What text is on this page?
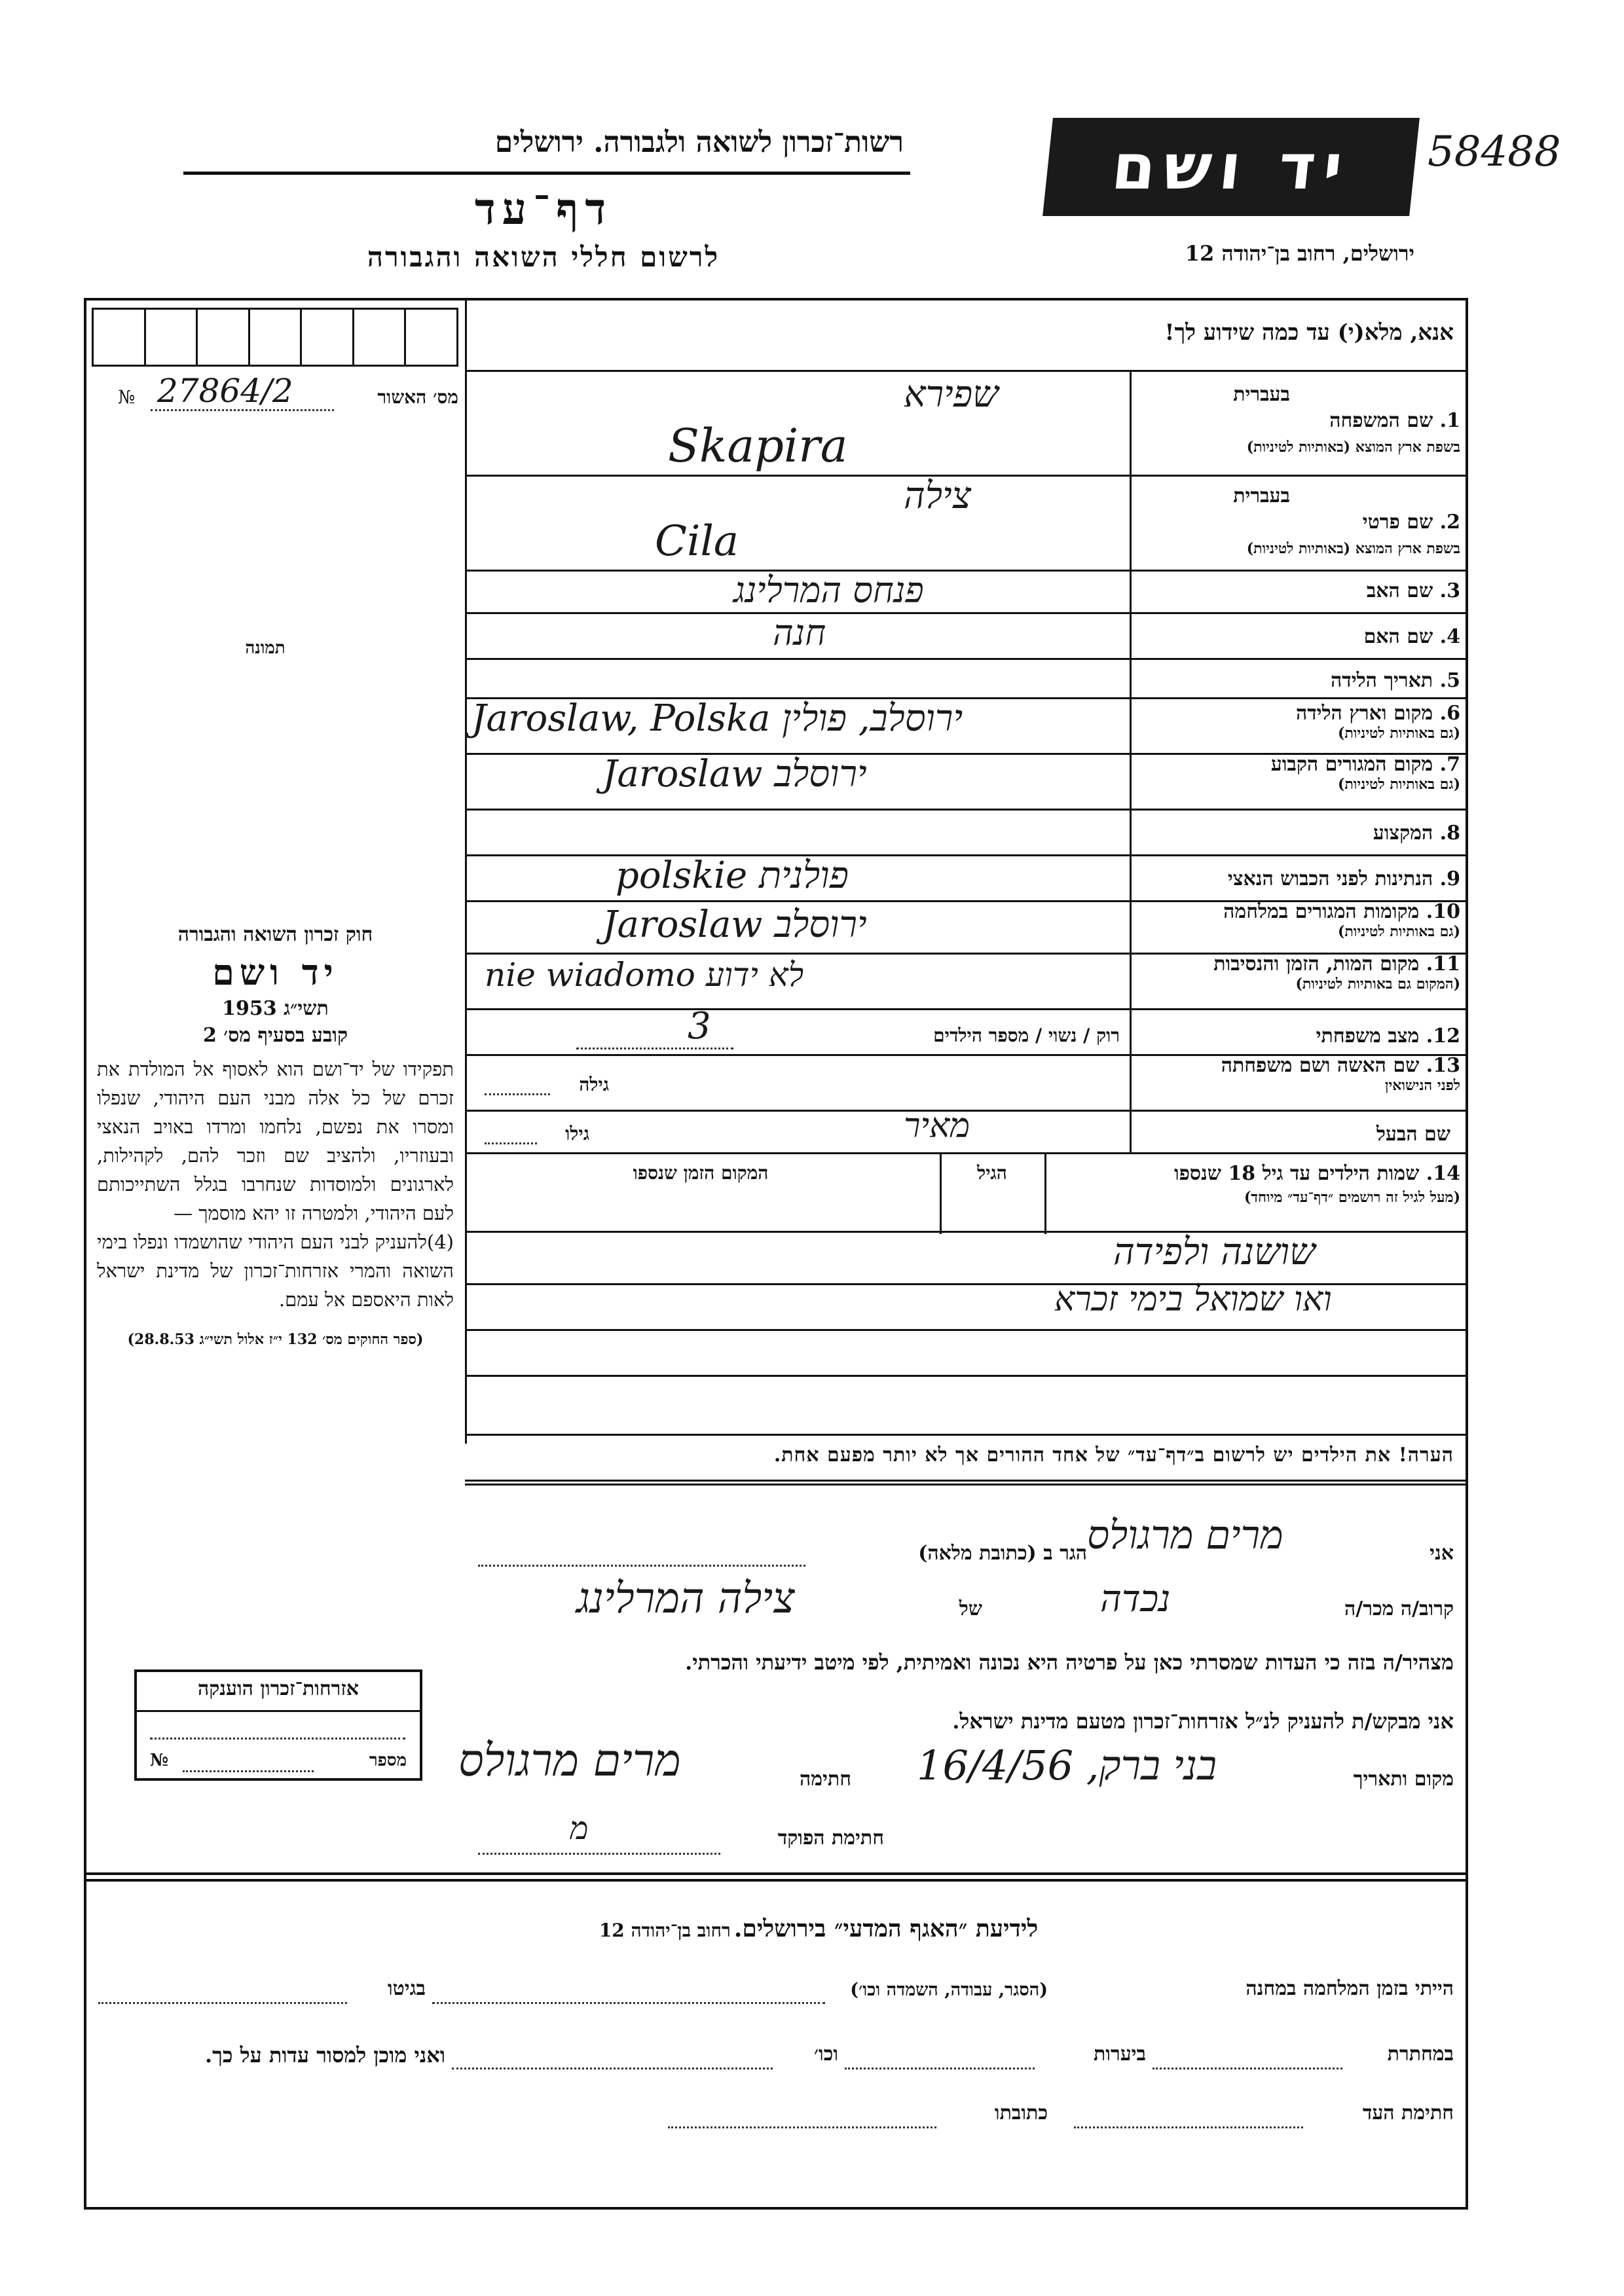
רשות־זכרון לשואה ולגבורה. ירושלים
דף־עד
לרשום חללי השואה והגבורה
יד ושם	58488
ירושלים, רחוב בן־יהודה 12
№ 27864/2	מס׳ האשור
תמונה
אנא, מלא(י) עד כמה שידוע לך!
בעברית
1. שם המשפחה
בשפת ארץ המוצא (באותיות לטיניות)
שפירא
Skapira
בעברית
2. שם פרטי
בשפת ארץ המוצא (באותיות לטיניות)
צילה
Cila
3. שם האב
פנחס המרלינג
4. שם האם
חנה
5. תאריך הלידה
6. מקום וארץ הלידה
(גם באותיות לטיניות)
Jaroslaw, Polska ירוסלב, פולין
7. מקום המגורים הקבוע
(גם באותיות לטיניות)
Jaroslaw ירוסלב
8. המקצוע
9. הנתינות לפני הכבוש הנאצי
polskie פולנית
10. מקומות המגורים במלחמה
(גם באותיות לטיניות)
Jaroslaw ירוסלב
11. מקום המות, הזמן והנסיבות
(המקום גם באותיות לטיניות)
nie wiadomo לא ידוע
12. מצב משפחתי
רוק / נשוי / מספר הילדים
3
13. שם האשה ושם משפחתה
לפני הנישואין
גילה
שם הבעל
מאיר
גילו
14. שמות הילדים עד גיל 18 שנספו
(מעל לגיל זה רושמים ״דף־עד״ מיוחד)
הגיל
המקום הזמן שנספו
שושנה ולפידה
ואו שמואל בימי זכרא
הערה! את הילדים יש לרשום ב״דף־עד״ של אחד ההורים אך לא יותר מפעם אחת.
חוק זכרון השואה והגבורה
יד ושם
תשי״ג 1953
קובע בסעיף מס׳ 2
תפקידו של יד־ושם הוא לאסוף אל המולדת את זכרם של כל אלה מבני העם היהודי, שנפלו ומסרו את נפשם, נלחמו ומרדו באויב הנאצי ובעוזריו, ולהציב שם וזכר להם, לקהילות, לארגונים ולמוסדות שנחרבו בגלל השתייכותם לעם היהודי, ולמטרה זו יהא מוסמך —
(4)להעניק לבני העם היהודי שהושמדו ונפלו בימי השואה והמרי אזרחות־זכרון של מדינת ישראל לאות היאספם אל עמם.
(ספר החוקים מס׳ 132 י״ז אלול תשי״ג 28.8.53)
אני
מרים מרגולס
הגר ב (כתובת מלאה)
קרוב/ה מכר/ה
נכדה
של
צילה המרלינג
מצהיר/ה בזה כי העדות שמסרתי כאן על פרטיה היא נכונה ואמיתית, לפי מיטב ידיעתי והכרתי.
אני מבקש/ת להעניק לנ״ל אזרחות־זכרון מטעם מדינת ישראל.
מקום ותאריך
בני ברק, 16/4/56
חתימה
מרים מרגולס
חתימת הפוקד
מ
אזרחות־זכרון הוענקה
מספר
№
לידיעת ״האגף המדעי״ בירושלים. רחוב בן־יהודה 12
הייתי בזמן המלחמה במחנה
(הסגר, עבודה, השמדה וכו׳)
בגיטו
במחתרת
ביערות
וכו׳
ואני מוכן למסור עדות על כך.
חתימת העד
כתובתו
